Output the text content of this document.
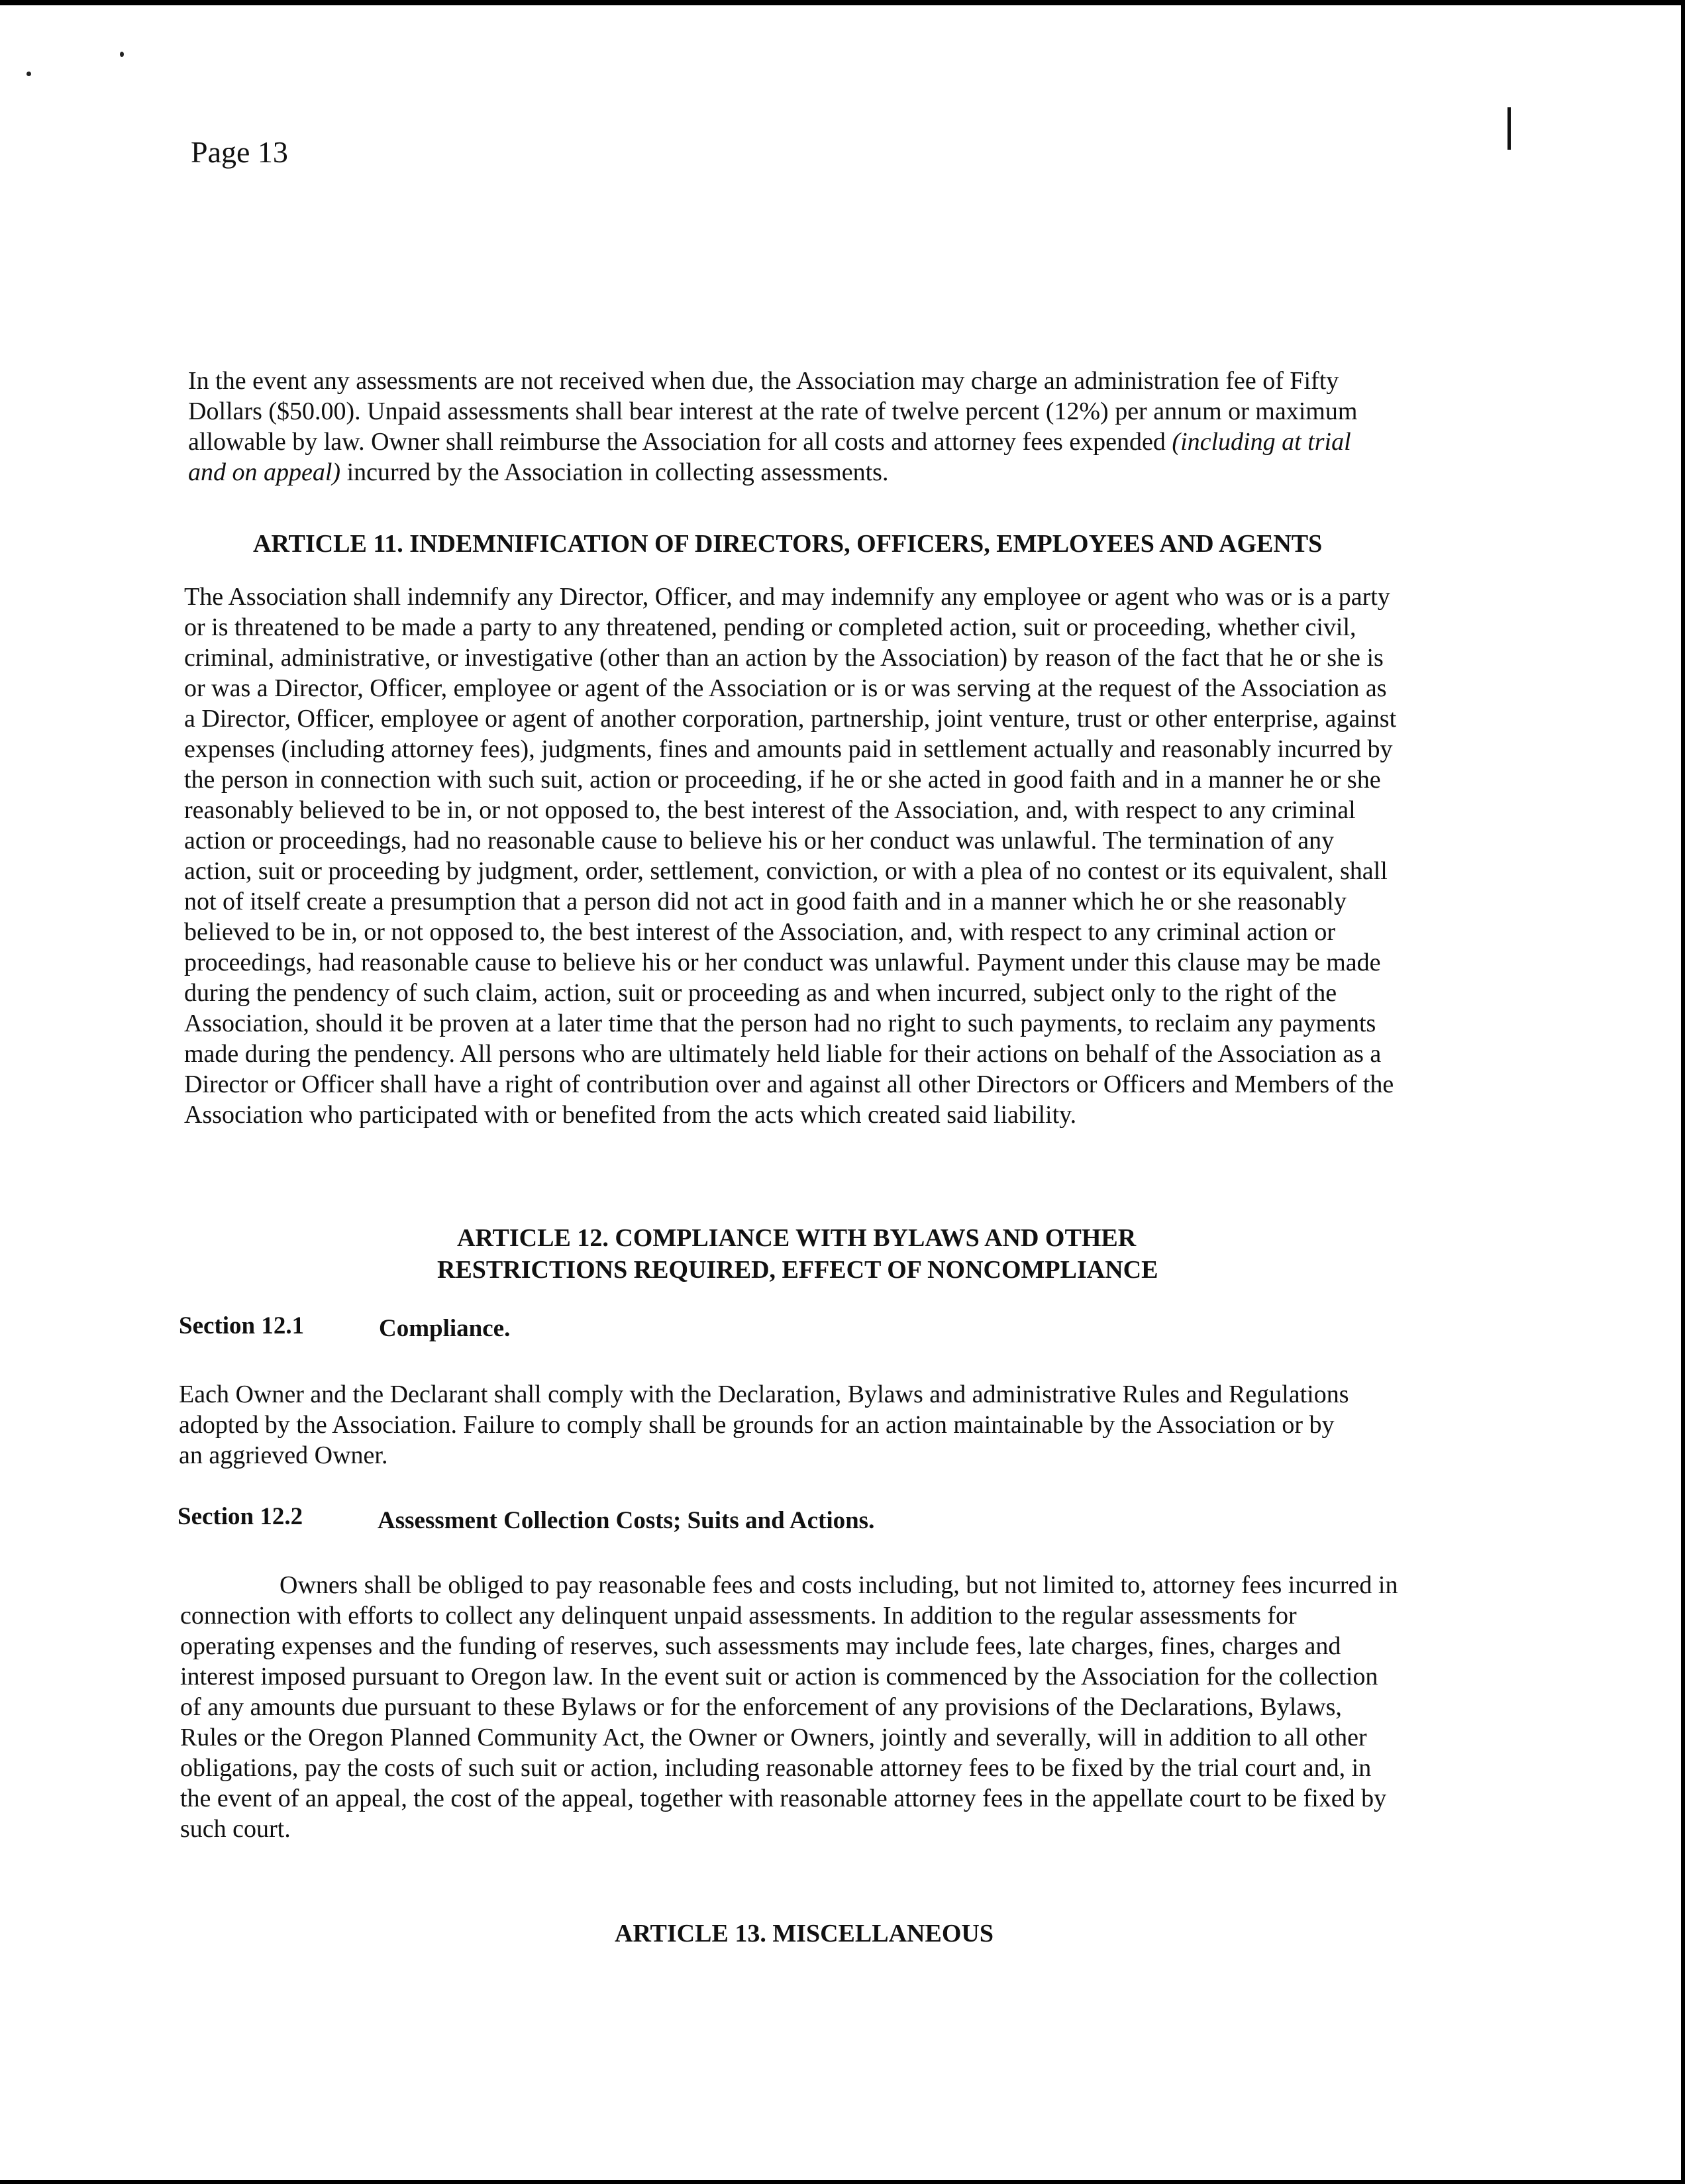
Page 13
In the event any assessments are not received when due, the Association may charge an administration fee of Fifty
Dollars ($50.00). Unpaid assessments shall bear interest at the rate of twelve percent (12%) per annum or maximum
allowable by law. Owner shall reimburse the Association for all costs and attorney fees expended (including at trial
and on appeal) incurred by the Association in collecting assessments.
ARTICLE 11. INDEMNIFICATION OF DIRECTORS, OFFICERS, EMPLOYEES AND AGENTS
The Association shall indemnify any Director, Officer, and may indemnify any employee or agent who was or is a party
or is threatened to be made a party to any threatened, pending or completed action, suit or proceeding, whether civil,
criminal, administrative, or investigative (other than an action by the Association) by reason of the fact that he or she is
or was a Director, Officer, employee or agent of the Association or is or was serving at the request of the Association as
a Director, Officer, employee or agent of another corporation, partnership, joint venture, trust or other enterprise, against
expenses (including attorney fees), judgments, fines and amounts paid in settlement actually and reasonably incurred by
the person in connection with such suit, action or proceeding, if he or she acted in good faith and in a manner he or she
reasonably believed to be in, or not opposed to, the best interest of the Association, and, with respect to any criminal
action or proceedings, had no reasonable cause to believe his or her conduct was unlawful. The termination of any
action, suit or proceeding by judgment, order, settlement, conviction, or with a plea of no contest or its equivalent, shall
not of itself create a presumption that a person did not act in good faith and in a manner which he or she reasonably
believed to be in, or not opposed to, the best interest of the Association, and, with respect to any criminal action or
proceedings, had reasonable cause to believe his or her conduct was unlawful. Payment under this clause may be made
during the pendency of such claim, action, suit or proceeding as and when incurred, subject only to the right of the
Association, should it be proven at a later time that the person had no right to such payments, to reclaim any payments
made during the pendency. All persons who are ultimately held liable for their actions on behalf of the Association as a
Director or Officer shall have a right of contribution over and against all other Directors or Officers and Members of the
Association who participated with or benefited from the acts which created said liability.
ARTICLE 12. COMPLIANCE WITH BYLAWS AND OTHER
RESTRICTIONS REQUIRED, EFFECT OF NONCOMPLIANCE
Section 12.1	Compliance.
Each Owner and the Declarant shall comply with the Declaration, Bylaws and administrative Rules and Regulations
adopted by the Association. Failure to comply shall be grounds for an action maintainable by the Association or by
an aggrieved Owner.
Section 12.2	Assessment Collection Costs; Suits and Actions.
Owners shall be obliged to pay reasonable fees and costs including, but not limited to, attorney fees incurred in
connection with efforts to collect any delinquent unpaid assessments. In addition to the regular assessments for
operating expenses and the funding of reserves, such assessments may include fees, late charges, fines, charges and
interest imposed pursuant to Oregon law. In the event suit or action is commenced by the Association for the collection
of any amounts due pursuant to these Bylaws or for the enforcement of any provisions of the Declarations, Bylaws,
Rules or the Oregon Planned Community Act, the Owner or Owners, jointly and severally, will in addition to all other
obligations, pay the costs of such suit or action, including reasonable attorney fees to be fixed by the trial court and, in
the event of an appeal, the cost of the appeal, together with reasonable attorney fees in the appellate court to be fixed by
such court.
ARTICLE 13. MISCELLANEOUS
